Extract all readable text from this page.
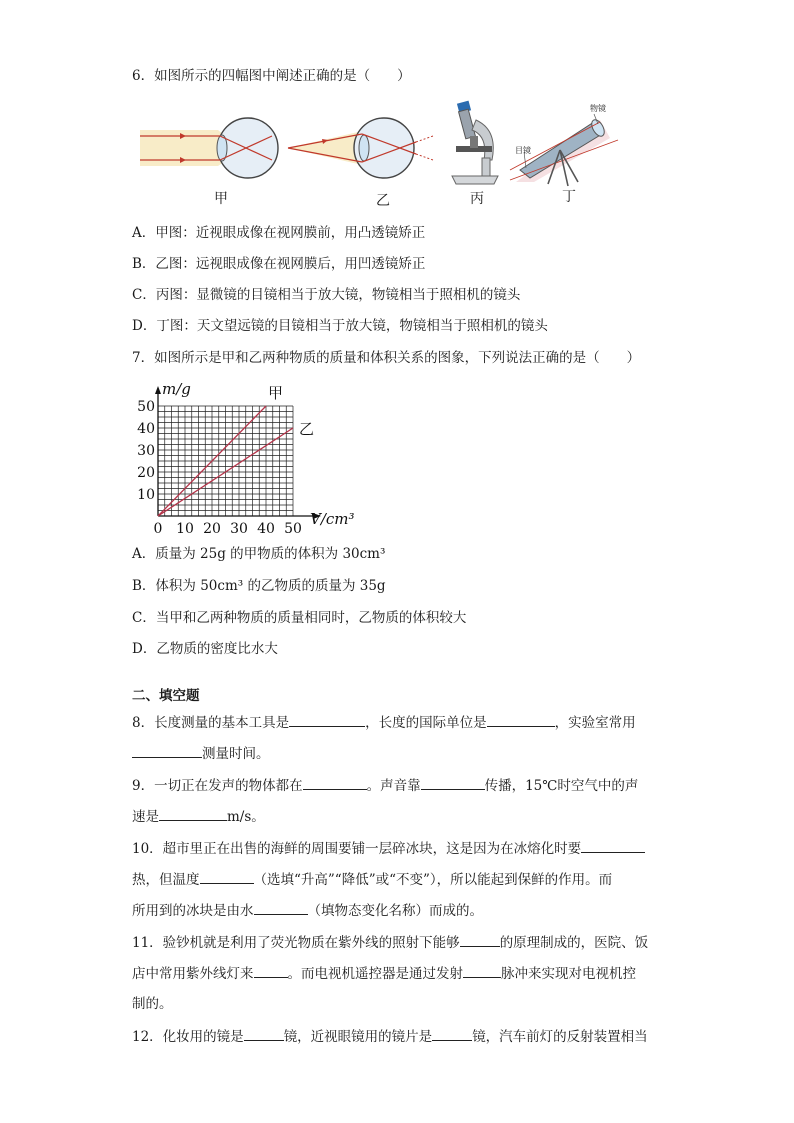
6．如图所示的四幅图中阐述正确的是（　　）
物镜
目镜
甲	乙	丙	丁
A．甲图：近视眼成像在视网膜前，用凸透镜矫正
B．乙图：远视眼成像在视网膜后，用凹透镜矫正
C．丙图：显微镜的目镜相当于放大镜，物镜相当于照相机的镜头
D．丁图：天文望远镜的目镜相当于放大镜，物镜相当于照相机的镜头
7．如图所示是甲和乙两种物质的质量和体积关系的图象，下列说法正确的是（　　）
甲
乙
0 10 20 30 40 50
10
20
30
40
50
m/g
V/cm³
A．质量为 25g 的甲物质的体积为 30cm³
B．体积为 50cm³ 的乙物质的质量为 35g
C．当甲和乙两种物质的质量相同时，乙物质的体积较大
D．乙物质的密度比水大
二、填空题
8．长度测量的基本工具是	，长度的国际单位是	，实验室常用
测量时间。
9．一切正在发声的物体都在	。声音靠	传播，15℃时空气中的声
速是	m/s。
10．超市里正在出售的海鲜的周围要铺一层碎冰块，这是因为在冰熔化时要
热，但温度	（选填“升高”“降低”或“不变”），所以能起到保鲜的作用。而
所用到的冰块是由水	（填物态变化名称）而成的。
11．验钞机就是利用了荧光物质在紫外线的照射下能够	的原理制成的，医院、饭
店中常用紫外线灯来	。而电视机遥控器是通过发射	脉冲来实现对电视机控
制的。
12．化妆用的镜是	镜，近视眼镜用的镜片是	镜，汽车前灯的反射装置相当
